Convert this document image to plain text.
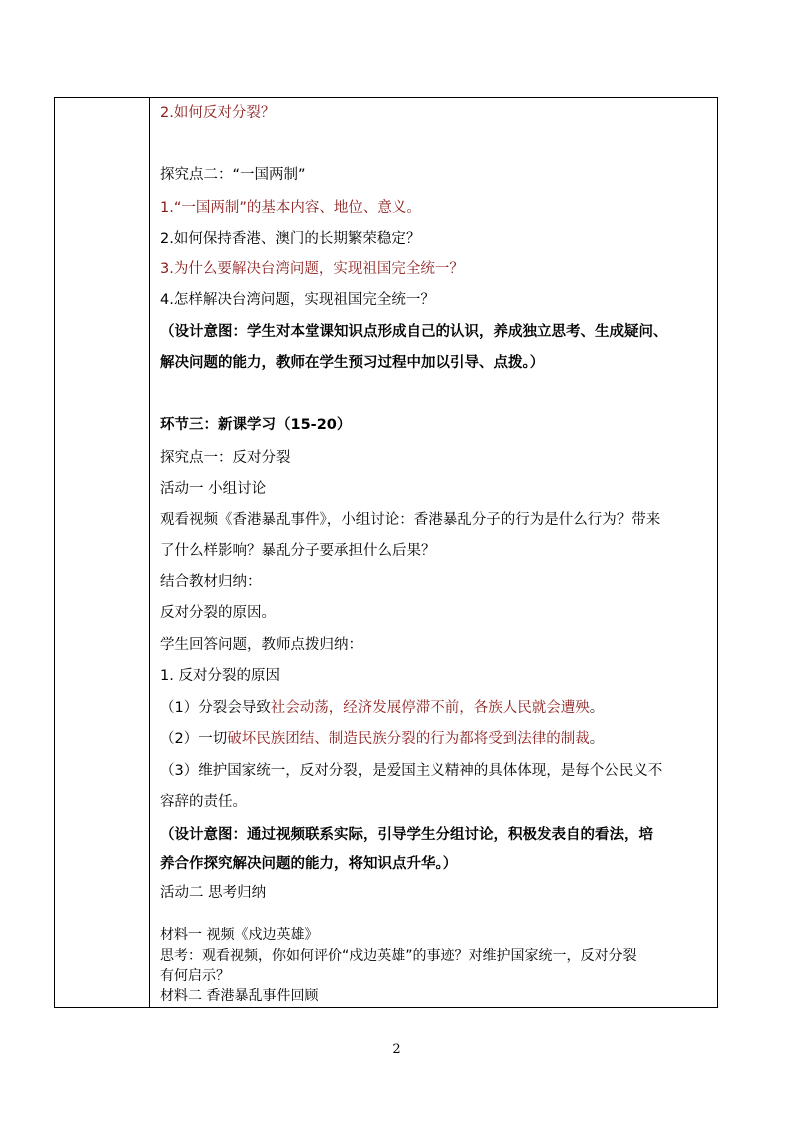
2.如何反对分裂？
探究点二：“一国两制”
1.“一国两制”的基本内容、地位、意义。
2.如何保持香港、澳门的长期繁荣稳定？
3.为什么要解决台湾问题，实现祖国完全统一？
4.怎样解决台湾问题，实现祖国完全统一？
（设计意图：学生对本堂课知识点形成自己的认识，养成独立思考、生成疑问、
解决问题的能力，教师在学生预习过程中加以引导、点拨。）
环节三：新课学习（15-20）
探究点一：反对分裂
活动一 小组讨论
观看视频《香港暴乱事件》，小组讨论：香港暴乱分子的行为是什么行为？带来
了什么样影响？暴乱分子要承担什么后果？
结合教材归纳：
反对分裂的原因。
学生回答问题，教师点拨归纳：
1. 反对分裂的原因
（3）维护国家统一，反对分裂，是爱国主义精神的具体体现，是每个公民义不
容辞的责任。
（设计意图：通过视频联系实际，引导学生分组讨论，积极发表自的看法，培
养合作探究解决问题的能力，将知识点升华。）
活动二 思考归纳
材料一 视频《戍边英雄》
思考：观看视频，你如何评价“戍边英雄”的事迹？对维护国家统一，反对分裂
有何启示？
材料二 香港暴乱事件回顾
（1）分裂会导致社会动荡，经济发展停滞不前，各族人民就会遭殃。
（2）一切破坏民族团结、制造民族分裂的行为都将受到法律的制裁。
2
